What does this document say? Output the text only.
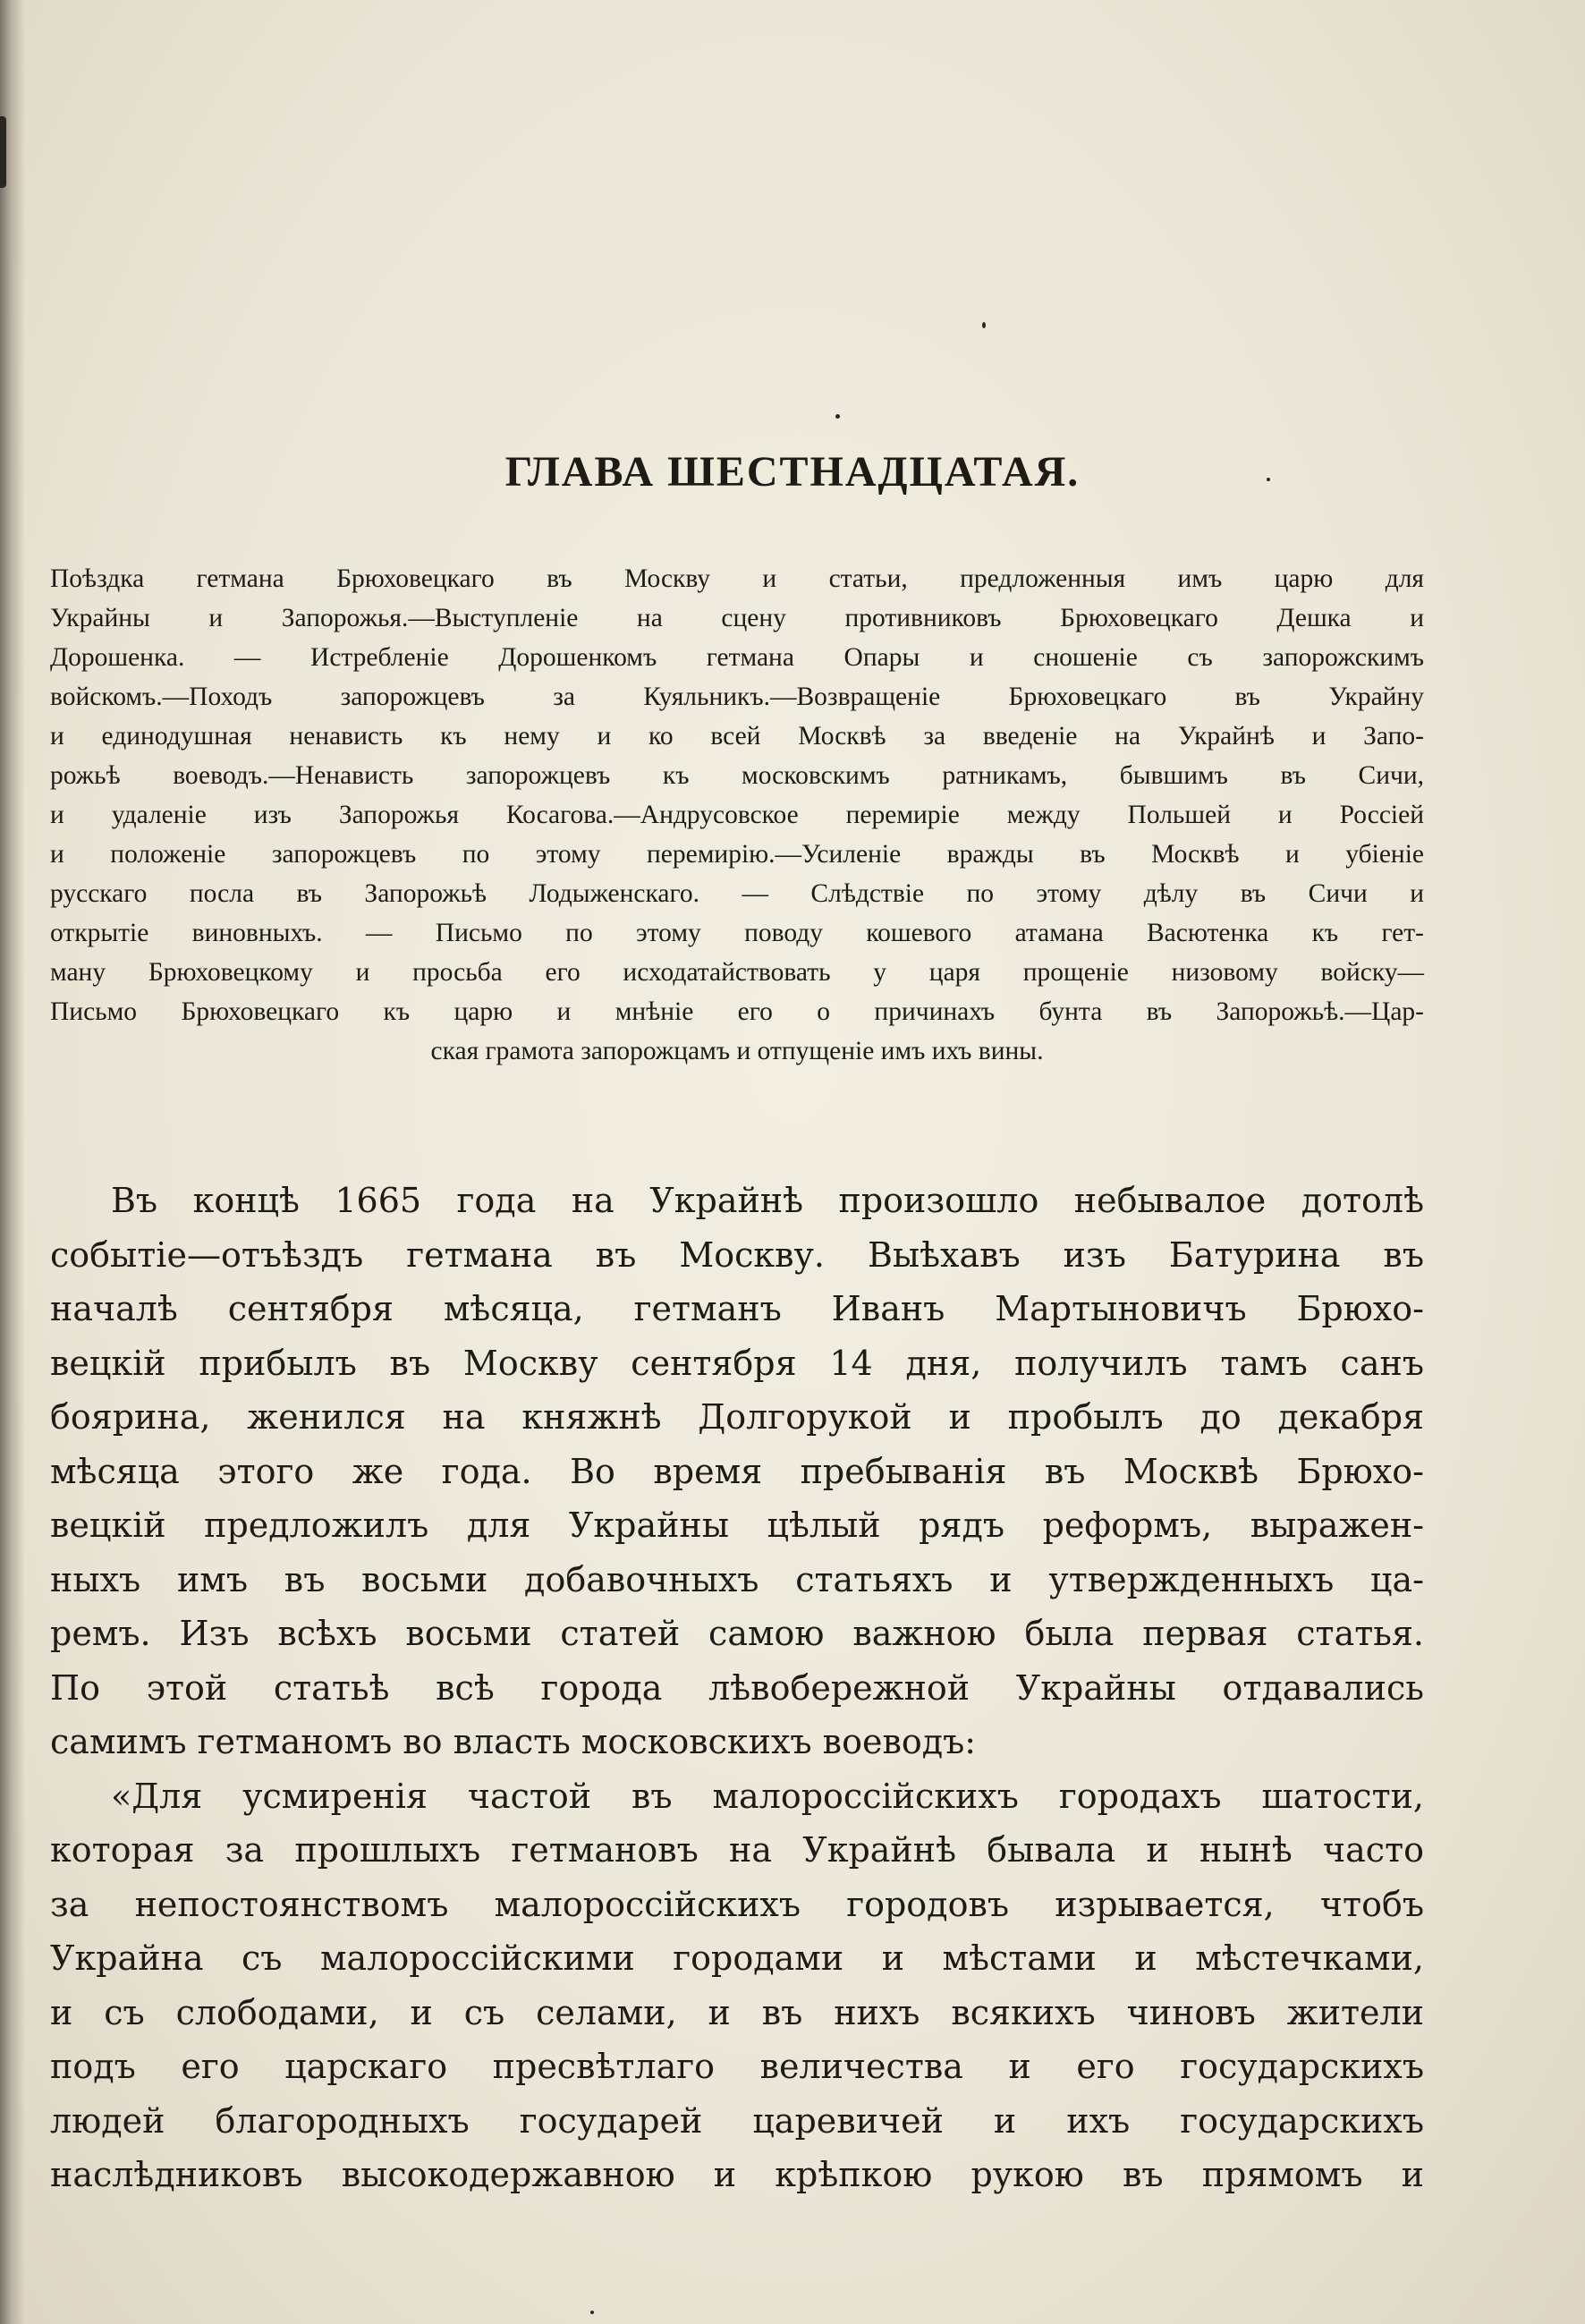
ГЛАВА ШЕСТНАДЦАТАЯ.
Поѣздка гетмана Брюховецкаго въ Москву и статьи, предложенныя имъ царю для
Украйны и Запорожья.—Выступленіе на сцену противниковъ Брюховецкаго Дешка и
Дорошенка. — Истребленіе Дорошенкомъ гетмана Опары и сношеніе съ запорожскимъ
войскомъ.—Походъ запорожцевъ за Куяльникъ.—Возвращеніе Брюховецкаго въ Украйну
и единодушная ненависть къ нему и ко всей Москвѣ за введеніе на Украйнѣ и Запо-
рожьѣ воеводъ.—Ненависть запорожцевъ къ московскимъ ратникамъ, бывшимъ въ Сичи,
и удаленіе изъ Запорожья Косагова.—Андрусовское перемиріе между Польшей и Россіей
и положеніе запорожцевъ по этому перемирію.—Усиленіе вражды въ Москвѣ и убіеніе
русскаго посла въ Запорожьѣ Лодыженскаго. — Слѣдствіе по этому дѣлу въ Сичи и
открытіе виновныхъ. — Письмо по этому поводу кошевого атамана Васютенка къ гет-
ману Брюховецкому и просьба его исходатайствовать у царя прощеніе низовому войску—
Письмо Брюховецкаго къ царю и мнѣніе его о причинахъ бунта въ Запорожьѣ.—Цар-
ская грамота запорожцамъ и отпущеніе имъ ихъ вины.
Въ концѣ 1665 года на Украйнѣ произошло небывалое дотолѣ
событіе—отъѣздъ гетмана въ Москву. Выѣхавъ изъ Батурина въ
началѣ сентября мѣсяца, гетманъ Иванъ Мартыновичъ Брюхо-
вецкій прибылъ въ Москву сентября 14 дня, получилъ тамъ санъ
боярина, женился на княжнѣ Долгорукой и пробылъ до декабря
мѣсяца этого же года. Во время пребыванія въ Москвѣ Брюхо-
вецкій предложилъ для Украйны цѣлый рядъ реформъ, выражен-
ныхъ имъ въ восьми добавочныхъ статьяхъ и утвержденныхъ ца-
ремъ. Изъ всѣхъ восьми статей самою важною была первая статья.
По этой статьѣ всѣ города лѣвобережной Украйны отдавались
самимъ гетманомъ во власть московскихъ воеводъ:
«Для усмиренія частой въ малороссійскихъ городахъ шатости,
которая за прошлыхъ гетмановъ на Украйнѣ бывала и нынѣ часто
за непостоянствомъ малороссійскихъ городовъ изрывается, чтобъ
Украйна съ малороссійскими городами и мѣстами и мѣстечками,
и съ слободами, и съ селами, и въ нихъ всякихъ чиновъ жители
подъ его царскаго пресвѣтлаго величества и его государскихъ
людей благородныхъ государей царевичей и ихъ государскихъ
наслѣдниковъ высокодержавною и крѣпкою рукою въ прямомъ и
